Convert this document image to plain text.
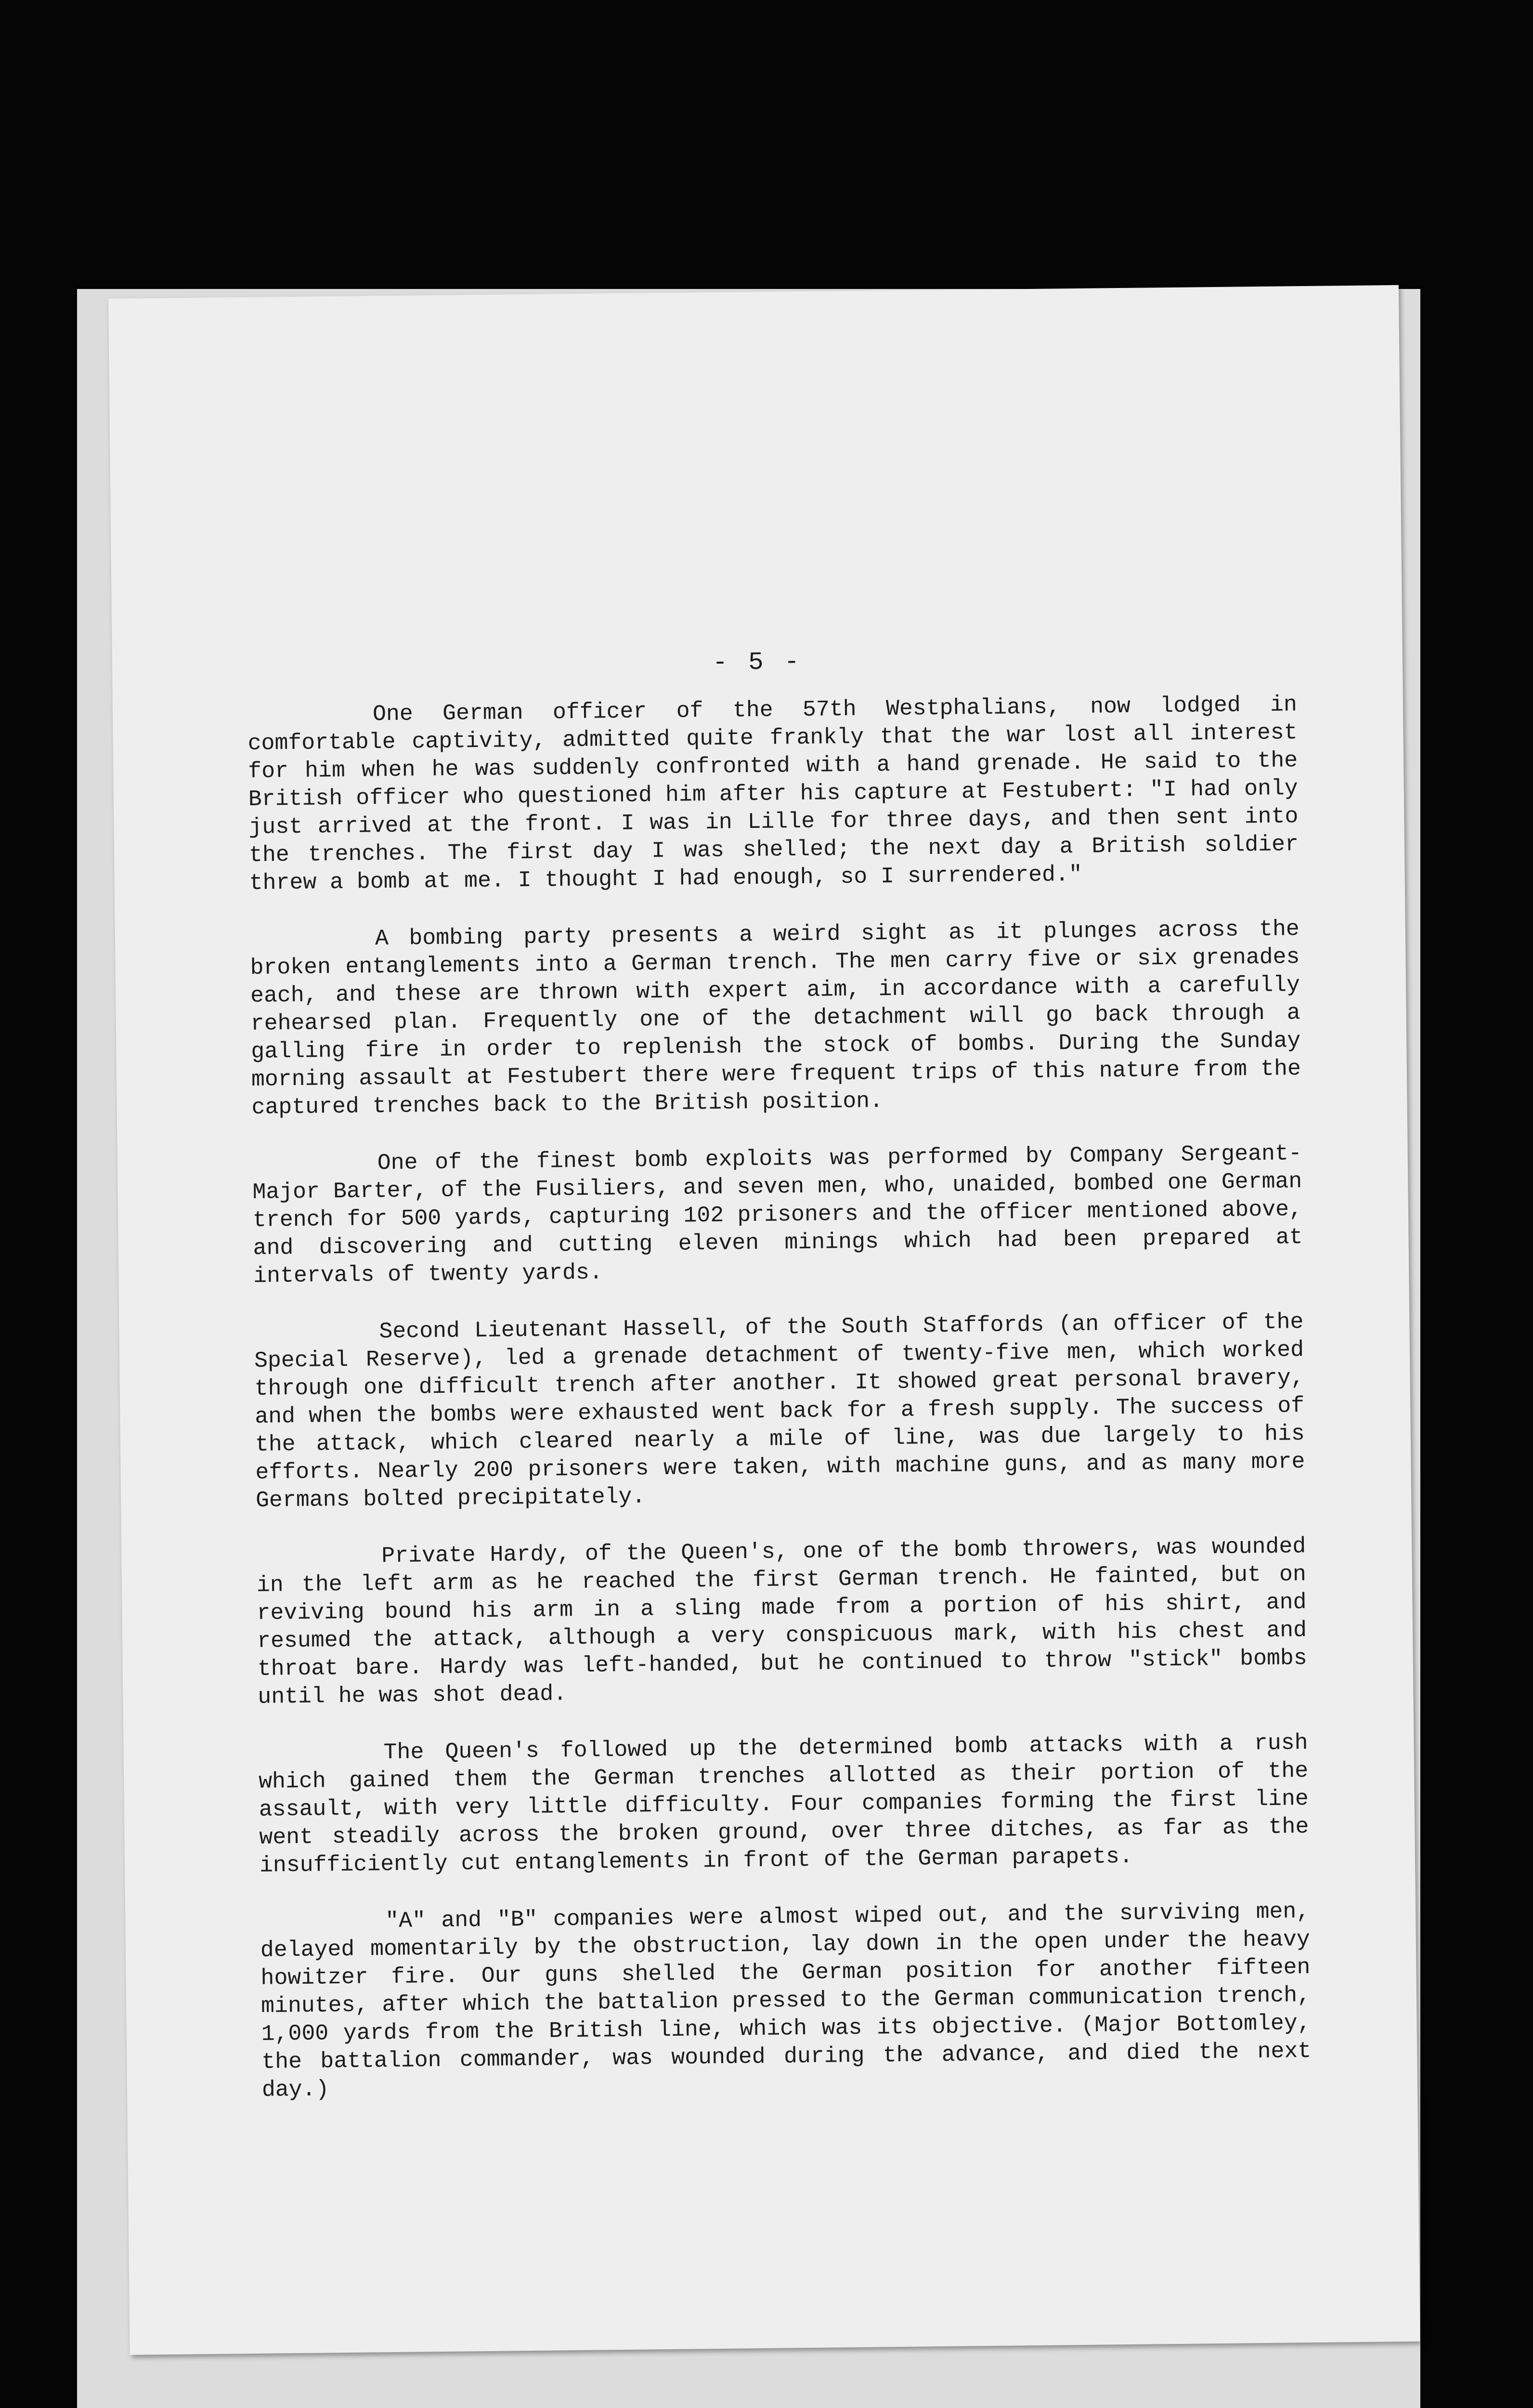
- 5 -

One German officer of the 57th Westphalians, now lodged in comfortable captivity, admitted quite frankly that the war lost all interest for him when he was suddenly confronted with a hand grenade. He said to the British officer who questioned him after his capture at Festubert: "I had only just arrived at the front. I was in Lille for three days, and then sent into the trenches. The first day I was shelled; the next day a British soldier threw a bomb at me. I thought I had enough, so I surrendered."

A bombing party presents a weird sight as it plunges across the broken entanglements into a German trench. The men carry five or six grenades each, and these are thrown with expert aim, in accordance with a carefully rehearsed plan. Frequently one of the detachment will go back through a galling fire in order to replenish the stock of bombs. During the Sunday morning assault at Festubert there were frequent trips of this nature from the captured trenches back to the British position.

One of the finest bomb exploits was performed by Company Sergeant-Major Barter, of the Fusiliers, and seven men, who, unaided, bombed one German trench for 500 yards, capturing 102 prisoners and the officer mentioned above, and discovering and cutting eleven minings which had been prepared at intervals of twenty yards.

Second Lieutenant Hassell, of the South Staffords (an officer of the Special Reserve), led a grenade detachment of twenty-five men, which worked through one difficult trench after another. It showed great personal bravery, and when the bombs were exhausted went back for a fresh supply. The success of the attack, which cleared nearly a mile of line, was due largely to his efforts. Nearly 200 prisoners were taken, with machine guns, and as many more Germans bolted precipitately.

Private Hardy, of the Queen's, one of the bomb throwers, was wounded in the left arm as he reached the first German trench. He fainted, but on reviving bound his arm in a sling made from a portion of his shirt, and resumed the attack, although a very conspicuous mark, with his chest and throat bare. Hardy was left-handed, but he continued to throw "stick" bombs until he was shot dead.

The Queen's followed up the determined bomb attacks with a rush which gained them the German trenches allotted as their portion of the assault, with very little difficulty. Four companies forming the first line went steadily across the broken ground, over three ditches, as far as the insufficiently cut entanglements in front of the German parapets.

"A" and "B" companies were almost wiped out, and the surviving men, delayed momentarily by the obstruction, lay down in the open under the heavy howitzer fire. Our guns shelled the German position for another fifteen minutes, after which the battalion pressed to the German communication trench, 1,000 yards from the British line, which was its objective. (Major Bottomley, the battalion commander, was wounded during the advance, and died the next day.)
